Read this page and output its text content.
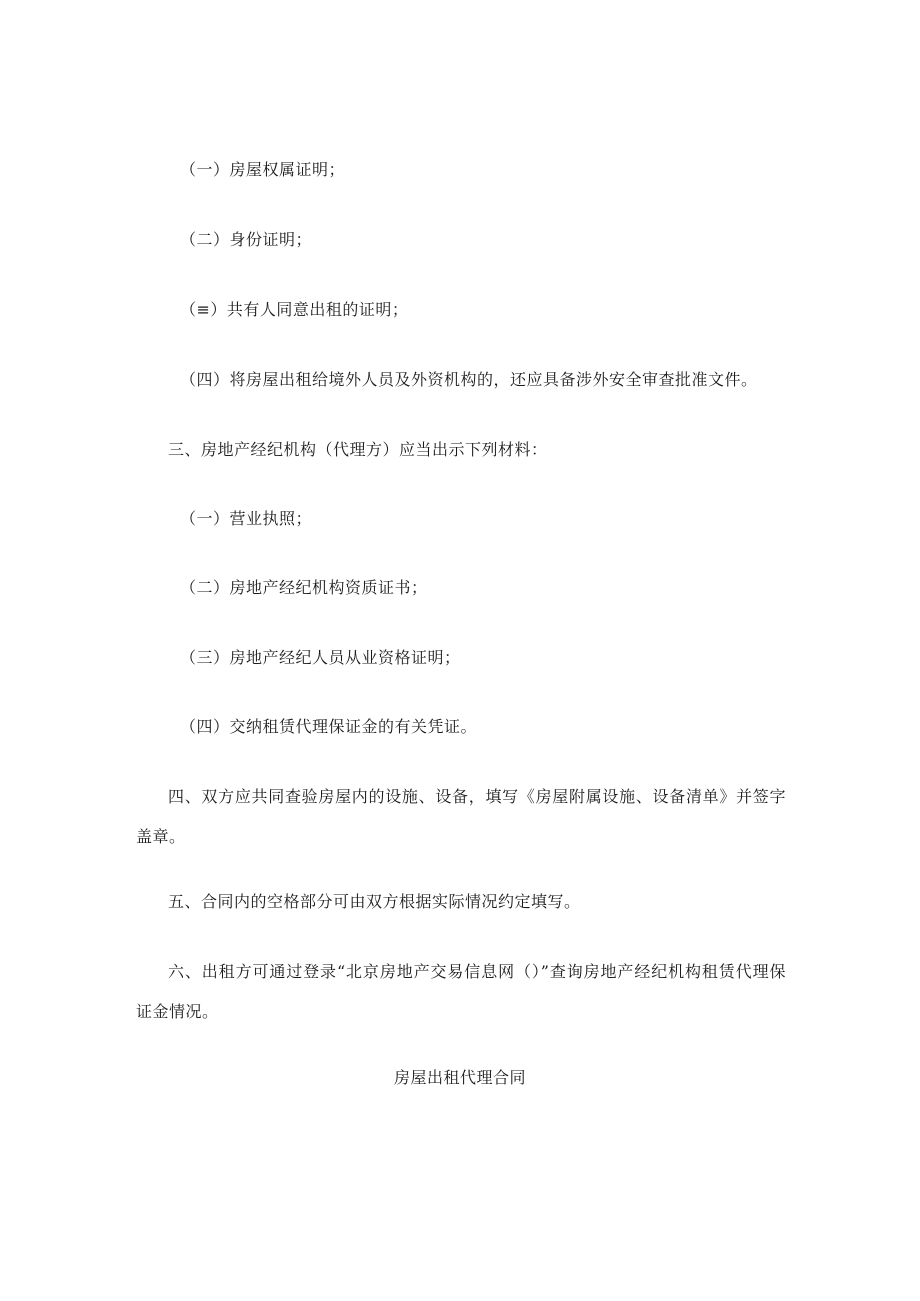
（一）房屋权属证明；
（二）身份证明；
（≡）共有人同意出租的证明；
（四）将房屋出租给境外人员及外资机构的，还应具备涉外安全审查批准文件。
三、房地产经纪机构（代理方）应当出示下列材料：
（一）营业执照；
（二）房地产经纪机构资质证书；
（三）房地产经纪人员从业资格证明；
（四）交纳租赁代理保证金的有关凭证。
四、双方应共同查验房屋内的设施、设备，填写《房屋附属设施、设备清单》并签字盖章。
五、合同内的空格部分可由双方根据实际情况约定填写。
六、出租方可通过登录“北京房地产交易信息网（）”查询房地产经纪机构租赁代理保证金情况。
房屋出租代理合同
